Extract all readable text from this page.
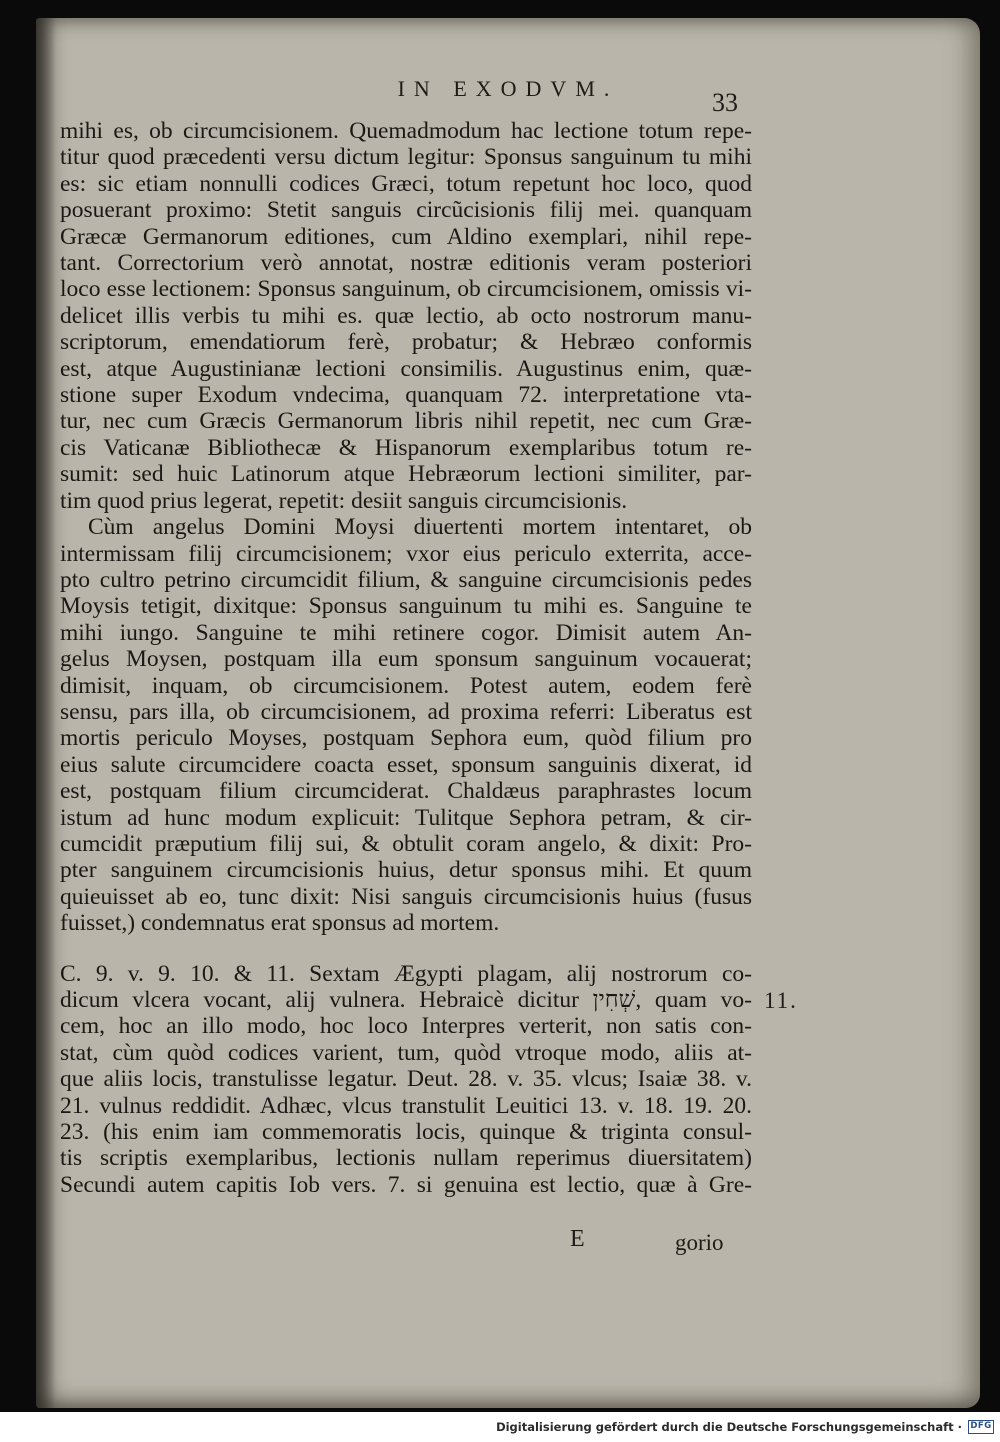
IN EXODVM.	33
mihi es, ob circumcisionem. Quemadmodum hac lectione totum repe-
titur quod præcedenti versu dictum legitur: Sponsus sanguinum tu mihi
es: sic etiam nonnulli codices Græci, totum repetunt hoc loco, quod
posuerant proximo: Stetit sanguis circũcisionis filij mei. quanquam
Græcæ Germanorum editiones, cum Aldino exemplari, nihil repe-
tant. Correctorium verò annotat, nostræ editionis veram posteriori
loco esse lectionem: Sponsus sanguinum, ob circumcisionem, omissis vi-
delicet illis verbis tu mihi es. quæ lectio, ab octo nostrorum manu-
scriptorum, emendatiorum ferè, probatur; & Hebræo conformis
est, atque Augustinianæ lectioni consimilis. Augustinus enim, quæ-
stione super Exodum vndecima, quanquam 72. interpretatione vta-
tur, nec cum Græcis Germanorum libris nihil repetit, nec cum Græ-
cis Vaticanæ Bibliothecæ & Hispanorum exemplaribus totum re-
sumit: sed huic Latinorum atque Hebræorum lectioni similiter, par-
tim quod prius legerat, repetit: desiit sanguis circumcisionis.
Cùm angelus Domini Moysi diuertenti mortem intentaret, ob
intermissam filij circumcisionem; vxor eius periculo exterrita, acce-
pto cultro petrino circumcidit filium, & sanguine circumcisionis pedes
Moysis tetigit, dixitque: Sponsus sanguinum tu mihi es. Sanguine te
mihi iungo. Sanguine te mihi retinere cogor. Dimisit autem An-
gelus Moysen, postquam illa eum sponsum sanguinum vocauerat;
dimisit, inquam, ob circumcisionem. Potest autem, eodem ferè
sensu, pars illa, ob circumcisionem, ad proxima referri: Liberatus est
mortis periculo Moyses, postquam Sephora eum, quòd filium pro
eius salute circumcidere coacta esset, sponsum sanguinis dixerat, id
est, postquam filium circumciderat. Chaldæus paraphrastes locum
istum ad hunc modum explicuit: Tulitque Sephora petram, & cir-
cumcidit præputium filij sui, & obtulit coram angelo, & dixit: Pro-
pter sanguinem circumcisionis huius, detur sponsus mihi. Et quum
quieuisset ab eo, tunc dixit: Nisi sanguis circumcisionis huius (fusus
fuisset,) condemnatus erat sponsus ad mortem.
C. 9. v. 9. 10. & 11. Sextam Ægypti plagam, alij nostrorum co-
dicum vlcera vocant, alij vulnera. Hebraicè dicitur שְׁחִין, quam vo-
cem, hoc an illo modo, hoc loco Interpres verterit, non satis con-
stat, cùm quòd codices varient, tum, quòd vtroque modo, aliis at-
que aliis locis, transtulisse legatur. Deut. 28. v. 35. vlcus; Isaiæ 38. v.
21. vulnus reddidit. Adhæc, vlcus transtulit Leuitici 13. v. 18. 19. 20.
23. (his enim iam commemoratis locis, quinque & triginta consul-
tis scriptis exemplaribus, lectionis nullam reperimus diuersitatem)
Secundi autem capitis Iob vers. 7. si genuina est lectio, quæ à Gre-
11.
E	gorio
Digitalisierung gefördert durch die Deutsche Forschungsgemeinschaft · DFG
